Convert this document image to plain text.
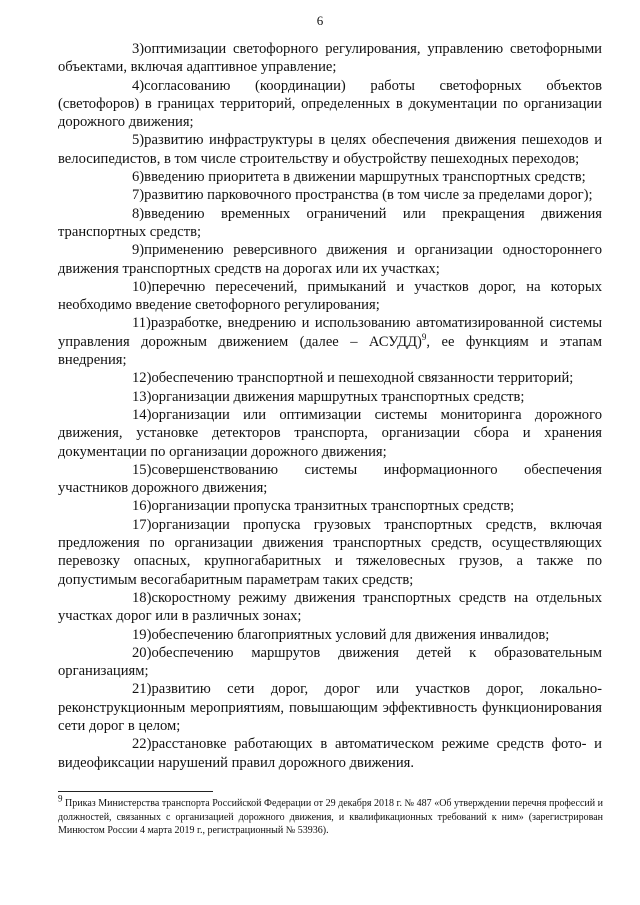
6

3)оптимизации светофорного регулирования, управлению светофорными объектами, включая адаптивное управление;

4)согласованию (координации) работы светофорных объектов (светофоров) в границах территорий, определенных в документации по организации дорожного движения;

5)развитию инфраструктуры в целях обеспечения движения пешеходов и велосипедистов, в том числе строительству и обустройству пешеходных переходов;

6)введению приоритета в движении маршрутных транспортных средств;

7)развитию парковочного пространства (в том числе за пределами дорог);

8)введению временных ограничений или прекращения движения транспортных средств;

9)применению реверсивного движения и организации одностороннего движения транспортных средств на дорогах или их участках;

10)перечню пересечений, примыканий и участков дорог, на которых необходимо введение светофорного регулирования;

11)разработке, внедрению и использованию автоматизированной системы управления дорожным движением (далее – АСУДД)$^9$, ее функциям и этапам внедрения;

12)обеспечению транспортной и пешеходной связанности территорий;

13)организации движения маршрутных транспортных средств;

14)организации или оптимизации системы мониторинга дорожного движения, установке детекторов транспорта, организации сбора и хранения документации по организации дорожного движения;

15)совершенствованию системы информационного обеспечения участников дорожного движения;

16)организации пропуска транзитных транспортных средств;

17)организации пропуска грузовых транспортных средств, включая предложения по организации движения транспортных средств, осуществляющих перевозку опасных, крупногабаритных и тяжеловесных грузов, а также по допустимым весогабаритным параметрам таких средств;

18)скоростному режиму движения транспортных средств на отдельных участках дорог или в различных зонах;

19)обеспечению благоприятных условий для движения инвалидов;

20)обеспечению маршрутов движения детей к образовательным организациям;

21)развитию сети дорог, дорог или участков дорог, локально-реконструкционным мероприятиям, повышающим эффективность функционирования сети дорог в целом;

22)расстановке работающих в автоматическом режиме средств фото- и видеофиксации нарушений правил дорожного движения.

$^9$ Приказ Министерства транспорта Российской Федерации от 29 декабря 2018 г. № 487 «Об утверждении перечня профессий и должностей, связанных с организацией дорожного движения, и квалификационных требований к ним» (зарегистрирован Минюстом России 4 марта 2019 г., регистрационный № 53936).
